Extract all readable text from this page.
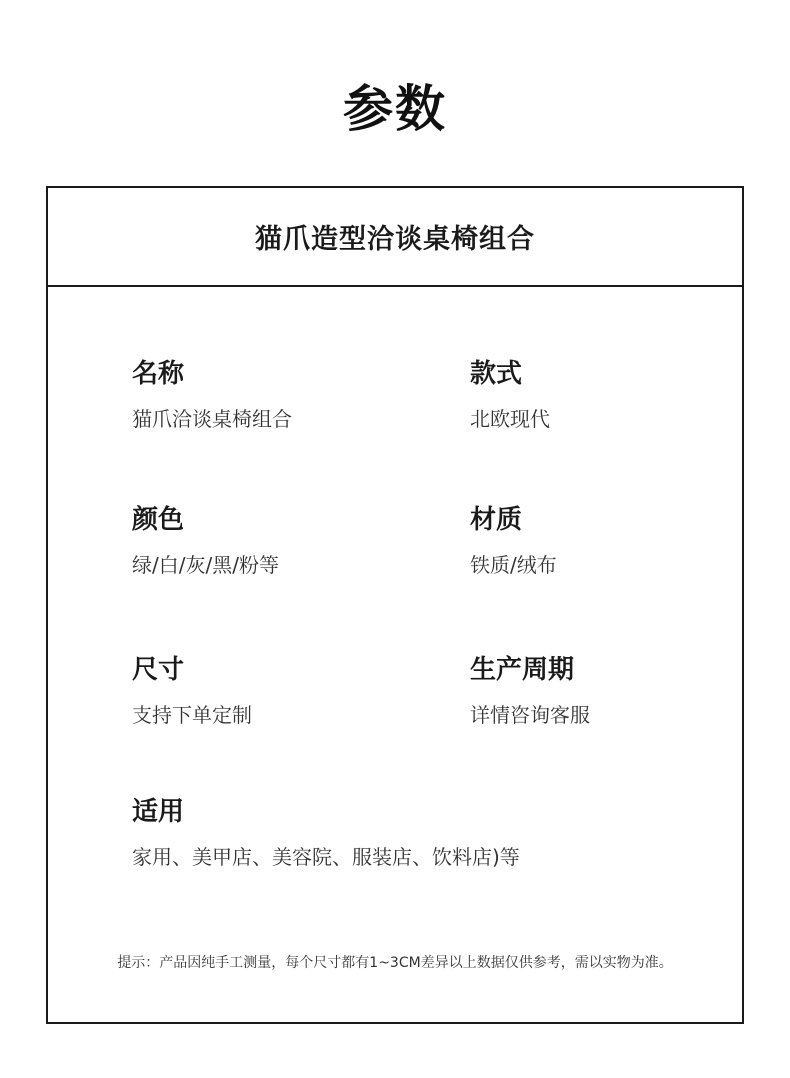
参数
猫爪造型洽谈桌椅组合
名称
猫爪洽谈桌椅组合
款式
北欧现代
颜色
绿/白/灰/黑/粉等
材质
铁质/绒布
尺寸
支持下单定制
生产周期
详情咨询客服
适用
家用、美甲店、美容院、服装店、饮料店)等
提示：产品因纯手工测量，每个尺寸都有1~3CM差异以上数据仅供参考，需以实物为准。
